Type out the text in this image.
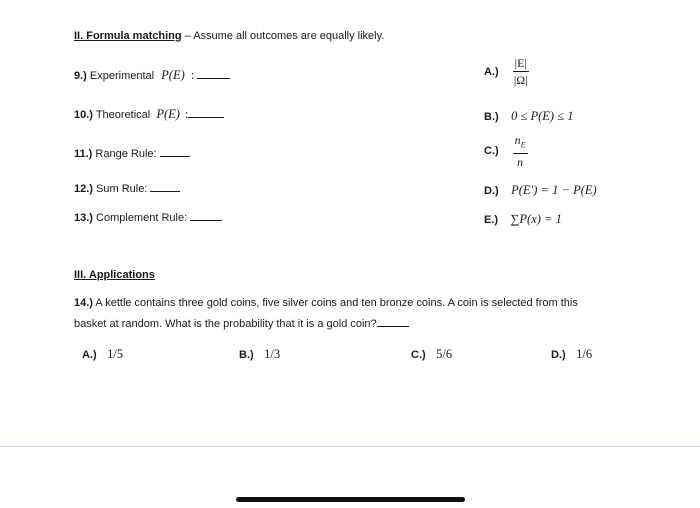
II. Formula matching – Assume all outcomes are equally likely.
9.) Experimental P(E) :
10.) Theoretical P(E) :
11.) Range Rule:
12.) Sum Rule:
13.) Complement Rule:
$A.) \frac{|E|}{|\Omega|}$
B.) 0 ≤ P(E) ≤ 1
$C.) \frac{n_E}{n}$
D.) P(E′) = 1 − P(E)
E.) ∑P(x) = 1
III. Applications
14.) A kettle contains three gold coins, five silver coins and ten bronze coins. A coin is selected from this
basket at random. What is the probability that it is a gold coin?
A.) 1/5	B.) 1/3	C.) 5/6	D.) 1/6
